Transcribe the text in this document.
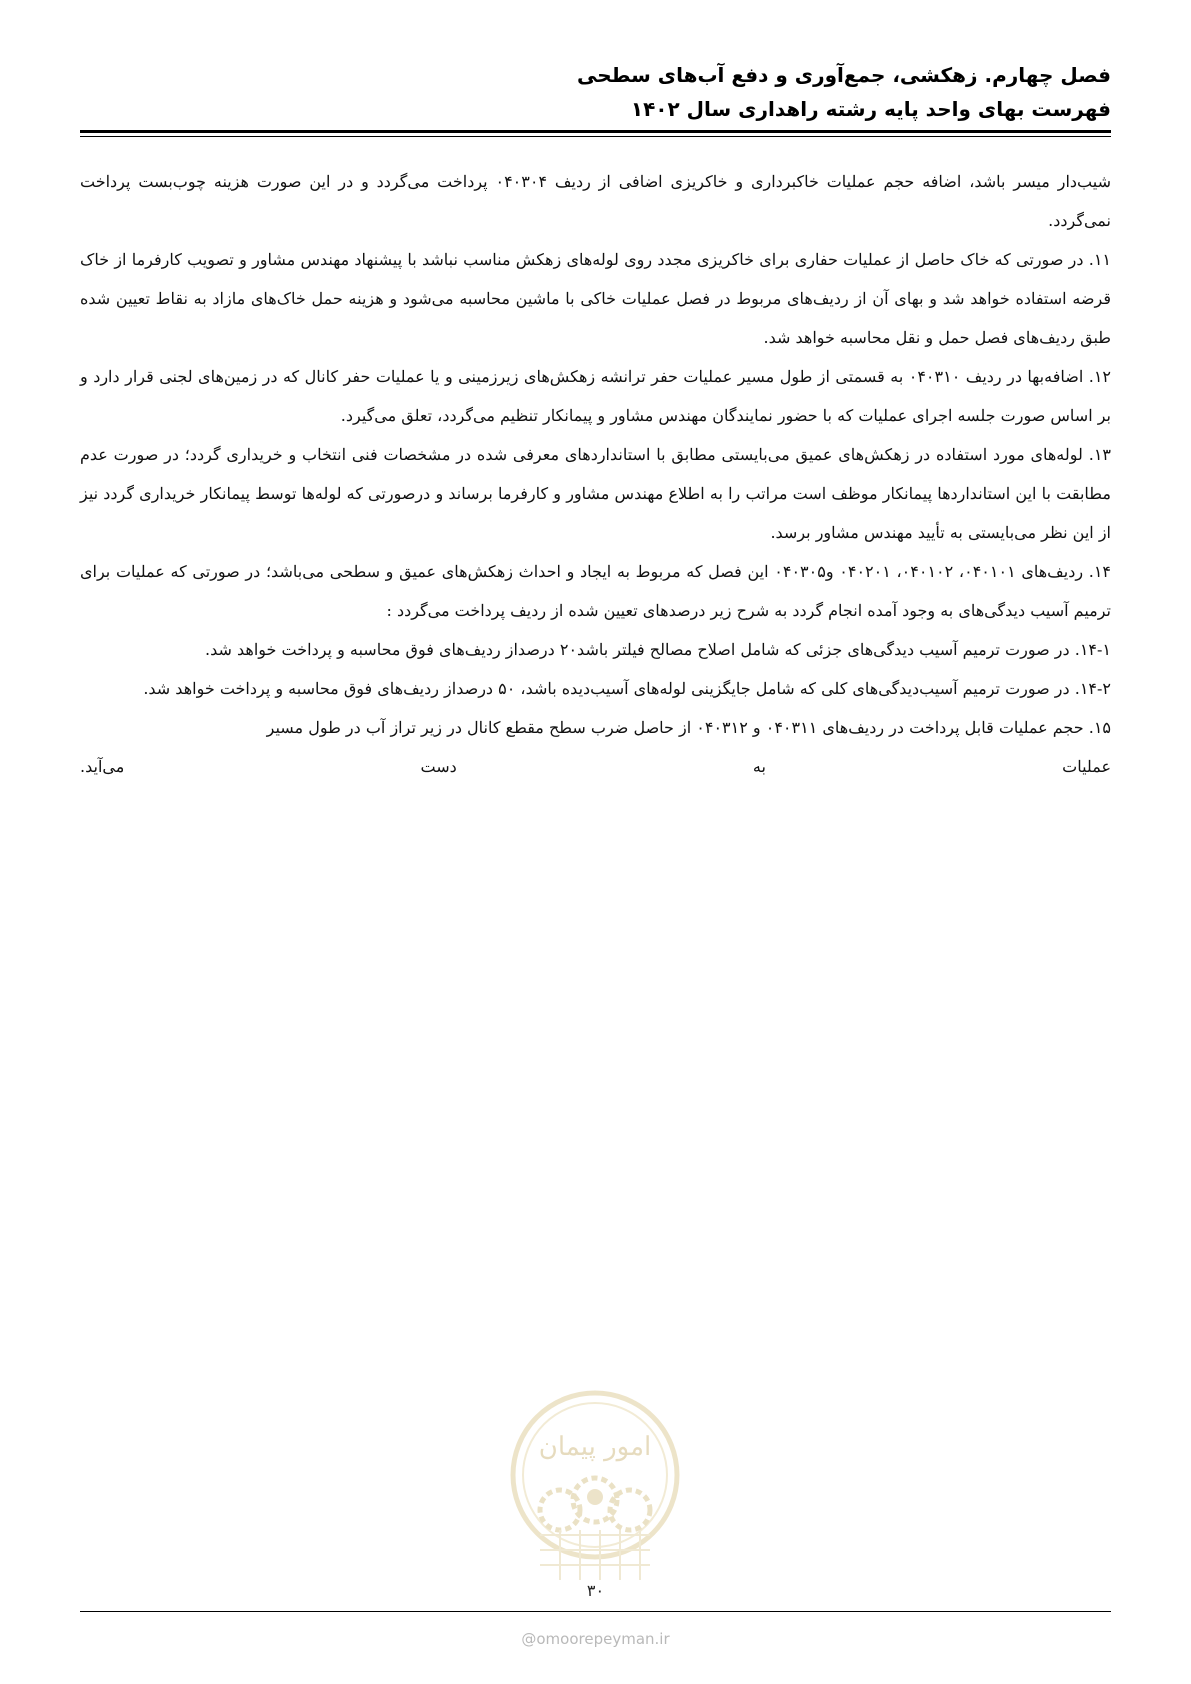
فصل چهارم. زهکشی، جمع‌آوری و دفع آب‌های سطحی
فهرست بهای واحد پایه رشته راهداری سال ۱۴۰۲

شیب‌دار میسر باشد، اضافه حجم عملیات خاکبرداری و خاکریزی اضافی از ردیف ۰۴۰۳۰۴ پرداخت می‌گردد و در این صورت هزینه چوب‌بست پرداخت نمی‌گردد.

۱۱. در صورتی که خاک حاصل از عملیات حفاری برای خاکریزی مجدد روی لوله‌های زهکش مناسب نباشد با پیشنهاد مهندس مشاور و تصویب کارفرما از خاک قرضه استفاده خواهد شد و بهای آن از ردیف‌های مربوط در فصل عملیات خاکی با ماشین محاسبه می‌شود و هزینه حمل خاک‌های مازاد به نقاط تعیین شده طبق ردیف‌های فصل حمل و نقل محاسبه خواهد شد.

۱۲. اضافه‌بها در ردیف ۰۴۰۳۱۰ به قسمتی از طول مسیر عملیات حفر ترانشه زهکش‌های زیرزمینی و یا عملیات حفر کانال که در زمین‌های لجنی قرار دارد و بر اساس صورت جلسه اجرای عملیات که با حضور نمایندگان مهندس مشاور و پیمانکار تنظیم می‌گردد، تعلق می‌گیرد.

۱۳. لوله‌های مورد استفاده در زهکش‌های عمیق می‌بایستی مطابق با استانداردهای معرفی شده در مشخصات فنی انتخاب و خریداری گردد؛ در صورت عدم مطابقت با این استانداردها پیمانکار موظف است مراتب را به اطلاع مهندس مشاور و کارفرما برساند و درصورتی که لوله‌ها توسط پیمانکار خریداری گردد نیز از این نظر می‌بایستی به تأیید مهندس مشاور برسد.

۱۴. ردیف‌های ۰۴۰۱۰۱، ۰۴۰۱۰۲، ۰۴۰۲۰۱ و۰۴۰۳۰۵ این فصل که مربوط به ایجاد و احداث زهکش‌های عمیق و سطحی می‌باشد؛ در صورتی که عملیات برای ترمیم آسیب دیدگی‌های به وجود آمده انجام گردد به شرح زیر درصدهای تعیین شده از ردیف پرداخت می‌گردد :

۱۴-۱. در صورت ترمیم آسیب دیدگی‌های جزئی که شامل اصلاح مصالح فیلتر باشد۲۰ درصداز ردیف‌های فوق محاسبه و پرداخت خواهد شد.

۱۴-۲. در صورت ترمیم آسیب‌دیدگی‌های کلی که شامل جایگزینی لوله‌های آسیب‌دیده باشد، ۵۰ درصداز ردیف‌های فوق محاسبه و پرداخت خواهد شد.

۱۵. حجم عملیات قابل پرداخت در ردیف‌های ۰۴۰۳۱۱ و ۰۴۰۳۱۲ از حاصل ضرب سطح مقطع کانال در زیر تراز آب در طول مسیر

عملیات
به
دست
می‌آید.
امور پیمان
۳۰
@omoorepeyman.ir
